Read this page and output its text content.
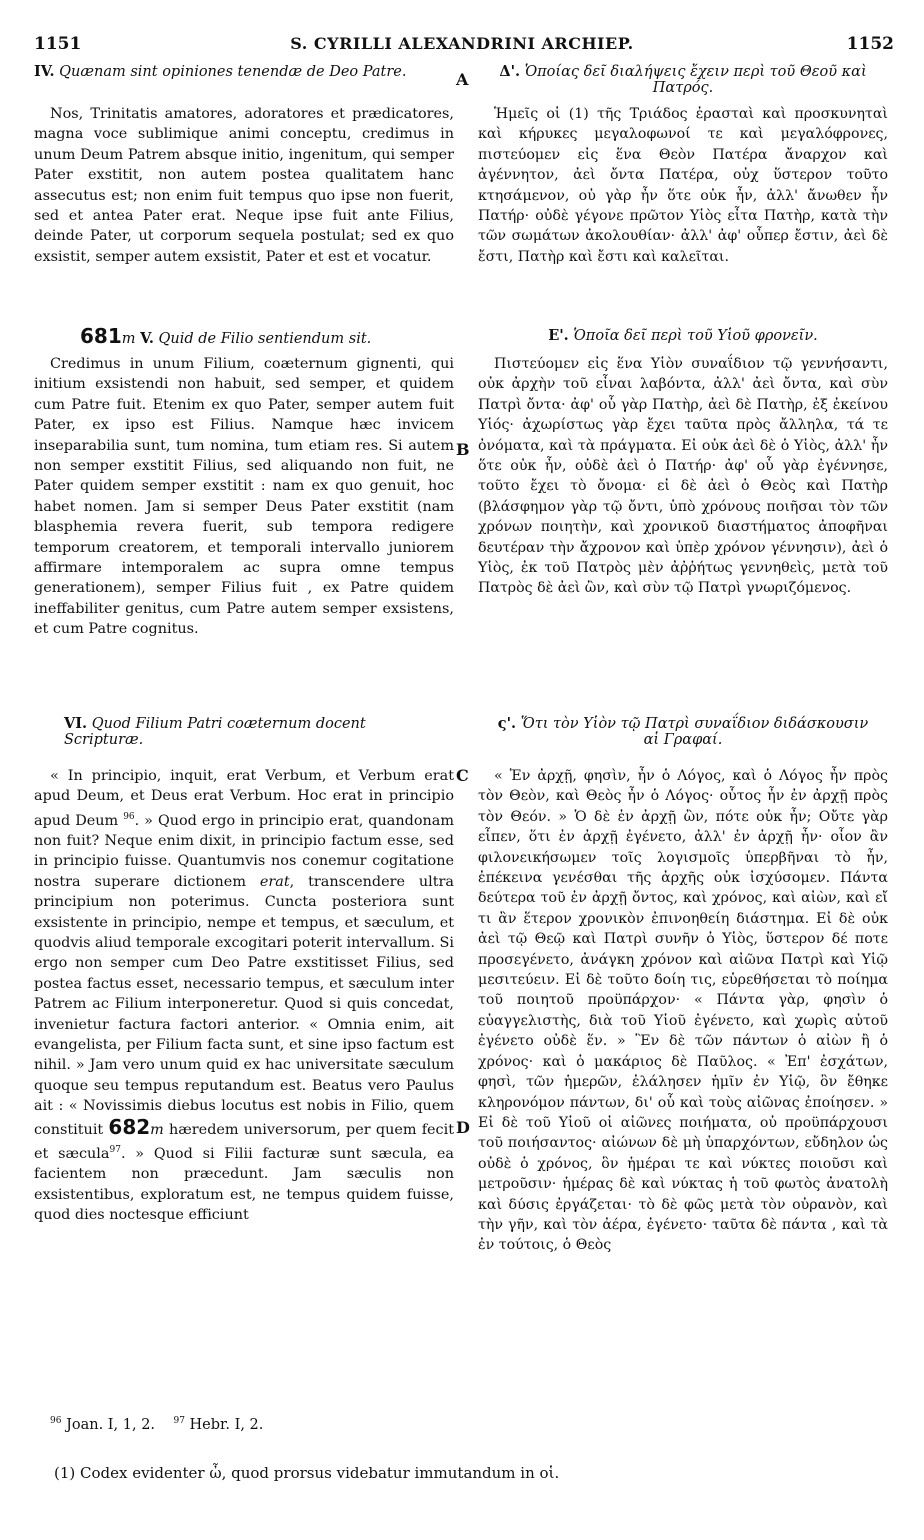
1151	S. CYRILLI ALEXANDRINI ARCHIEP.	1152
A
B
C
D
IV. Quænam sint opiniones tenendæ de Deo Patre.

Nos, Trinitatis amatores, adoratores et prædicatores, magna voce sublimique animi conceptu, credimus in unum Deum Patrem absque initio, ingenitum, qui semper Pater exstitit, non autem postea qualitatem hanc assecutus est; non enim fuit tempus quo ipse non fuerit, sed et antea Pater erat. Neque ipse fuit ante Filius, deinde Pater, ut corporum sequela postulat; sed ex quo exsistit, semper autem exsistit, Pater et est et vocatur.

681m V. Quid de Filio sentiendum sit.

Credimus in unum Filium, coæternum gignenti, qui initium exsistendi non habuit, sed semper, et quidem cum Patre fuit. Etenim ex quo Pater, semper autem fuit Pater, ex ipso est Filius. Namque hæc invicem inseparabilia sunt, tum nomina, tum etiam res. Si autem non semper exstitit Filius, sed aliquando non fuit, ne Pater quidem semper exstitit : nam ex quo genuit, hoc habet nomen. Jam si semper Deus Pater exstitit (nam blasphemia revera fuerit, sub tempora redigere temporum creatorem, et temporali intervallo juniorem affirmare intemporalem ac supra omne tempus generationem), semper Filius fuit , ex Patre quidem ineffabiliter genitus, cum Patre autem semper exsistens, et cum Patre cognitus.

VI. Quod Filium Patri coæternum docent Scripturæ.

« In principio, inquit, erat Verbum, et Verbum erat apud Deum, et Deus erat Verbum. Hoc erat in principio apud Deum $^{96}$. » Quod ergo in principio erat, quandonam non fuit? Neque enim dixit, in principio factum esse, sed in principio fuisse. Quantumvis nos conemur cogitatione nostra superare dictionem erat, transcendere ultra principium non poterimus. Cuncta posteriora sunt exsistente in principio, nempe et tempus, et sæculum, et quodvis aliud temporale excogitari poterit intervallum. Si ergo non semper cum Deo Patre exstitisset Filius, sed postea factus esset, necessario tempus, et sæculum inter Patrem ac Filium interponeretur. Quod si quis concedat, invenietur factura factori anterior. « Omnia enim, ait evangelista, per Filium facta sunt, et sine ipso factum est nihil. » Jam vero unum quid ex hac universitate sæculum quoque seu tempus reputandum est. Beatus vero Paulus ait : « Novissimis diebus locutus est nobis in Filio, quem constituit 682m hæredem universorum, per quem fecit et sæcula$^{97}$. » Quod si Filii facturæ sunt sæcula, ea facientem non præcedunt. Jam sæculis non exsistentibus, exploratum est, ne tempus quidem fuisse, quod dies noctesque efficiunt

Δ'. Ὁποίας δεῖ διαλήψεις ἔχειν περὶ τοῦ Θεοῦ καὶ Πατρός.

Ἡμεῖς οἱ (1) τῆς Τριάδος ἐρασταὶ καὶ προσκυνηταὶ καὶ κήρυκες μεγαλοφωνοί τε καὶ μεγαλόφρονες, πιστεύομεν εἰς ἕνα Θεὸν Πατέρα ἄναρχον καὶ ἀγέννητον, ἀεὶ ὄντα Πατέρα, οὐχ ὕστερον τοῦτο κτησάμενον, οὐ γὰρ ἦν ὅτε οὐκ ἦν, ἀλλ' ἄνωθεν ἦν Πατήρ· οὐδὲ γέγονε πρῶτον Υἱὸς εἶτα Πατὴρ, κατὰ τὴν τῶν σωμάτων ἀκολουθίαν· ἀλλ' ἀφ' οὗπερ ἔστιν, ἀεὶ δὲ ἔστι, Πατὴρ καὶ ἔστι καὶ καλεῖται.

Ε'. Ὁποῖα δεῖ περὶ τοῦ Υἱοῦ φρονεῖν.

Πιστεύομεν εἰς ἕνα Υἱὸν συναΐδιον τῷ γεννήσαντι, οὐκ ἀρχὴν τοῦ εἶναι λαβόντα, ἀλλ' ἀεὶ ὄντα, καὶ σὺν Πατρὶ ὄντα· ἀφ' οὗ γὰρ Πατὴρ, ἀεὶ δὲ Πατὴρ, ἐξ ἐκείνου Υἱός· ἀχωρίστως γὰρ ἔχει ταῦτα πρὸς ἄλληλα, τά τε ὀνόματα, καὶ τὰ πράγματα. Εἰ οὐκ ἀεὶ δὲ ὁ Υἱὸς, ἀλλ' ἦν ὅτε οὐκ ἦν, οὐδὲ ἀεὶ ὁ Πατήρ· ἀφ' οὗ γὰρ ἐγέννησε, τοῦτο ἔχει τὸ ὄνομα· εἰ δὲ ἀεὶ ὁ Θεὸς καὶ Πατὴρ (βλάσφημον γὰρ τῷ ὄντι, ὑπὸ χρόνους ποιῆσαι τὸν τῶν χρόνων ποιητὴν, καὶ χρονικοῦ διαστήματος ἀποφῆναι δευτέραν τὴν ἄχρονον καὶ ὑπὲρ χρόνον γέννησιν), ἀεὶ ὁ Υἱὸς, ἐκ τοῦ Πατρὸς μὲν ἀῤῥήτως γεννηθεὶς, μετὰ τοῦ Πατρὸς δὲ ἀεὶ ὢν, καὶ σὺν τῷ Πατρὶ γνωριζόμενος.

ς'. Ὅτι τὸν Υἱὸν τῷ Πατρὶ συναΐδιον διδάσκουσιν αἱ Γραφαί.

« Ἐν ἀρχῇ, φησὶν, ἦν ὁ Λόγος, καὶ ὁ Λόγος ἦν πρὸς τὸν Θεὸν, καὶ Θεὸς ἦν ὁ Λόγος· οὗτος ἦν ἐν ἀρχῇ πρὸς τὸν Θεόν. » Ὁ δὲ ἐν ἀρχῇ ὢν, πότε οὐκ ἦν; Οὔτε γὰρ εἶπεν, ὅτι ἐν ἀρχῇ ἐγένετο, ἀλλ' ἐν ἀρχῇ ἦν· οἷον ἂν φιλονεικήσωμεν τοῖς λογισμοῖς ὑπερβῆναι τὸ ἦν, ἐπέκεινα γενέσθαι τῆς ἀρχῆς οὐκ ἰσχύσομεν. Πάντα δεύτερα τοῦ ἐν ἀρχῇ ὄντος, καὶ χρόνος, καὶ αἰὼν, καὶ εἴ τι ἂν ἕτερον χρονικὸν ἐπινοηθείη διάστημα. Εἰ δὲ οὐκ ἀεὶ τῷ Θεῷ καὶ Πατρὶ συνῆν ὁ Υἱὸς, ὕστερον δέ ποτε προσεγένετο, ἀνάγκη χρόνον καὶ αἰῶνα Πατρὶ καὶ Υἱῷ μεσιτεύειν. Εἰ δὲ τοῦτο δοίη τις, εὑρεθήσεται τὸ ποίημα τοῦ ποιητοῦ προϋπάρχον· « Πάντα γὰρ, φησὶν ὁ εὐαγγελιστὴς, διὰ τοῦ Υἱοῦ ἐγένετο, καὶ χωρὶς αὐτοῦ ἐγένετο οὐδὲ ἕν. » Ἓν δὲ τῶν πάντων ὁ αἰὼν ἢ ὁ χρόνος· καὶ ὁ μακάριος δὲ Παῦλος. « Ἐπ' ἐσχάτων, φησὶ, τῶν ἡμερῶν, ἐλάλησεν ἡμῖν ἐν Υἱῷ, ὃν ἔθηκε κληρονόμον πάντων, δι' οὗ καὶ τοὺς αἰῶνας ἐποίησεν. » Εἰ δὲ τοῦ Υἱοῦ οἱ αἰῶνες ποιήματα, οὐ προϋπάρχουσι τοῦ ποιήσαντος· αἰώνων δὲ μὴ ὑπαρχόντων, εὔδηλον ὡς οὐδὲ ὁ χρόνος, ὃν ἡμέραι τε καὶ νύκτες ποιοῦσι καὶ μετροῦσιν· ἡμέρας δὲ καὶ νύκτας ἡ τοῦ φωτὸς ἀνατολὴ καὶ δύσις ἐργάζεται· τὸ δὲ φῶς μετὰ τὸν οὐρανὸν, καὶ τὴν γῆν, καὶ τὸν ἀέρα, ἐγένετο· ταῦτα δὲ πάντα , καὶ τὰ ἐν τούτοις, ὁ Θεὸς

$^{96}$ Joan. I, 1, 2. $^{97}$ Hebr. I, 2.
(1) Codex evidenter ὦ, quod prorsus videbatur immutandum in οἱ.
